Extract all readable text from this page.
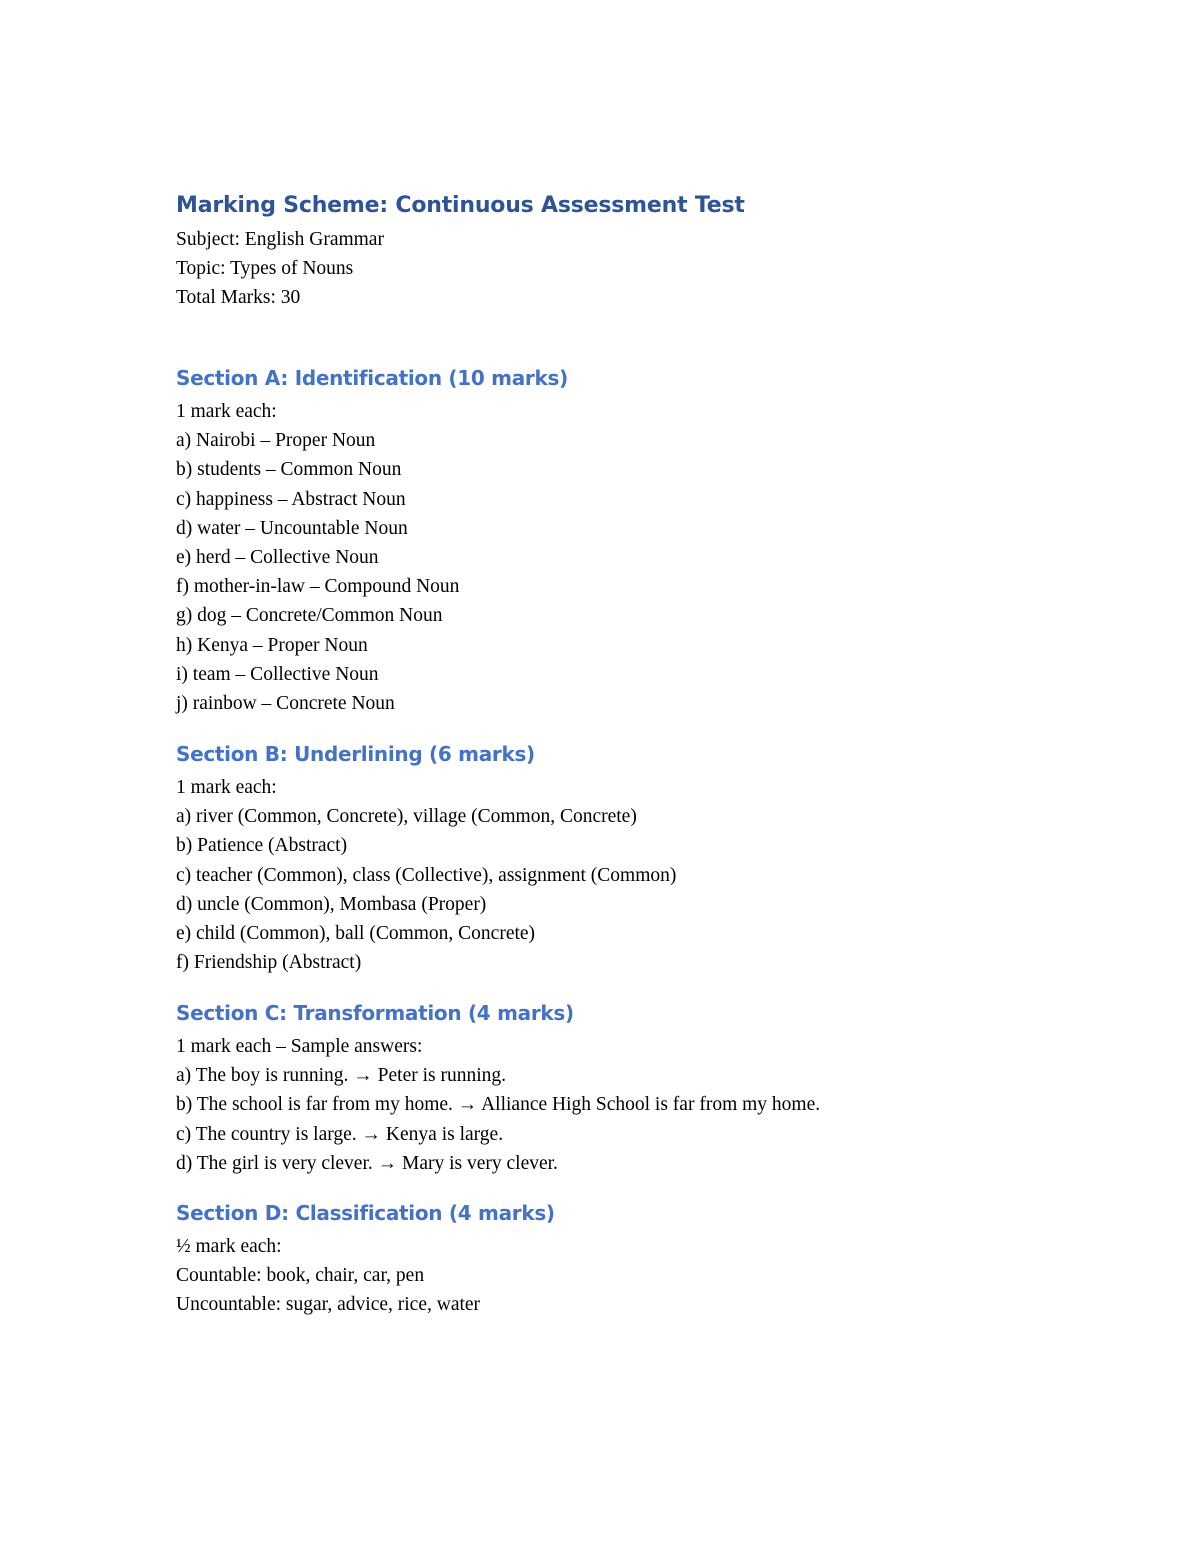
Marking Scheme: Continuous Assessment Test

Subject: English Grammar

Topic: Types of Nouns

Total Marks: 30

Section A: Identification (10 marks)

1 mark each:

a) Nairobi – Proper Noun

b) students – Common Noun

c) happiness – Abstract Noun

d) water – Uncountable Noun

e) herd – Collective Noun

f) mother-in-law – Compound Noun

g) dog – Concrete/Common Noun

h) Kenya – Proper Noun

i) team – Collective Noun

j) rainbow – Concrete Noun

Section B: Underlining (6 marks)

1 mark each:

a) river (Common, Concrete), village (Common, Concrete)

b) Patience (Abstract)

c) teacher (Common), class (Collective), assignment (Common)

d) uncle (Common), Mombasa (Proper)

e) child (Common), ball (Common, Concrete)

f) Friendship (Abstract)

Section C: Transformation (4 marks)

1 mark each – Sample answers:

a) The boy is running. → Peter is running.

b) The school is far from my home. → Alliance High School is far from my home.

c) The country is large. → Kenya is large.

d) The girl is very clever. → Mary is very clever.

Section D: Classification (4 marks)

½ mark each:

Countable: book, chair, car, pen

Uncountable: sugar, advice, rice, water
